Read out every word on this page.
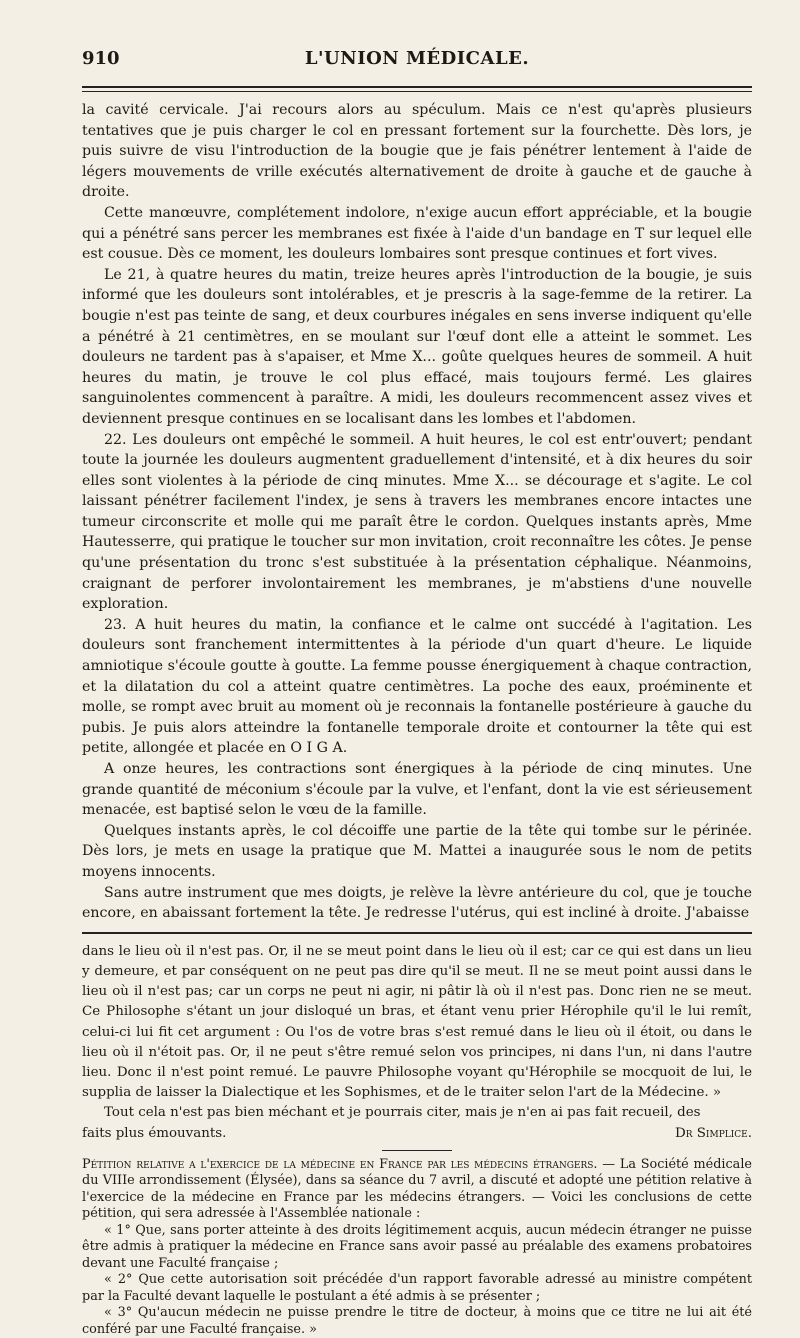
910	L'UNION MÉDICALE.

la cavité cervicale. J'ai recours alors au spéculum. Mais ce n'est qu'après plusieurs tentatives que je puis charger le col en pressant fortement sur la fourchette. Dès lors, je puis suivre de visu l'introduction de la bougie que je fais pénétrer lentement à l'aide de légers mouvements de vrille exécutés alternativement de droite à gauche et de gauche à droite.

Cette manœuvre, complétement indolore, n'exige aucun effort appréciable, et la bougie qui a pénétré sans percer les membranes est fixée à l'aide d'un bandage en T sur lequel elle est cousue. Dès ce moment, les douleurs lombaires sont presque continues et fort vives.

Le 21, à quatre heures du matin, treize heures après l'introduction de la bougie, je suis informé que les douleurs sont intolérables, et je prescris à la sage-femme de la retirer. La bougie n'est pas teinte de sang, et deux courbures inégales en sens inverse indiquent qu'elle a pénétré à 21 centimètres, en se moulant sur l'œuf dont elle a atteint le sommet. Les douleurs ne tardent pas à s'apaiser, et Mme X... goûte quelques heures de sommeil. A huit heures du matin, je trouve le col plus effacé, mais toujours fermé. Les glaires sanguinolentes commencent à paraître. A midi, les douleurs recommencent assez vives et deviennent presque continues en se localisant dans les lombes et l'abdomen.

22. Les douleurs ont empêché le sommeil. A huit heures, le col est entr'ouvert; pendant toute la journée les douleurs augmentent graduellement d'intensité, et à dix heures du soir elles sont violentes à la période de cinq minutes. Mme X... se décourage et s'agite. Le col laissant pénétrer facilement l'index, je sens à travers les membranes encore intactes une tumeur circonscrite et molle qui me paraît être le cordon. Quelques instants après, Mme Hautesserre, qui pratique le toucher sur mon invitation, croit reconnaître les côtes. Je pense qu'une présentation du tronc s'est substituée à la présentation céphalique. Néanmoins, craignant de perforer involontairement les membranes, je m'abstiens d'une nouvelle exploration.

23. A huit heures du matin, la confiance et le calme ont succédé à l'agitation. Les douleurs sont franchement intermittentes à la période d'un quart d'heure. Le liquide amniotique s'écoule goutte à goutte. La femme pousse énergiquement à chaque contraction, et la dilatation du col a atteint quatre centimètres. La poche des eaux, proéminente et molle, se rompt avec bruit au moment où je reconnais la fontanelle postérieure à gauche du pubis. Je puis alors atteindre la fontanelle temporale droite et contourner la tête qui est petite, allongée et placée en O I G A.

A onze heures, les contractions sont énergiques à la période de cinq minutes. Une grande quantité de méconium s'écoule par la vulve, et l'enfant, dont la vie est sérieusement menacée, est baptisé selon le vœu de la famille.

Quelques instants après, le col décoiffe une partie de la tête qui tombe sur le périnée. Dès lors, je mets en usage la pratique que M. Mattei a inaugurée sous le nom de petits moyens innocents.

Sans autre instrument que mes doigts, je relève la lèvre antérieure du col, que je touche encore, en abaissant fortement la tête. Je redresse l'utérus, qui est incliné à droite. J'abaisse

dans le lieu où il n'est pas. Or, il ne se meut point dans le lieu où il est; car ce qui est dans un lieu y demeure, et par conséquent on ne peut pas dire qu'il se meut. Il ne se meut point aussi dans le lieu où il n'est pas; car un corps ne peut ni agir, ni pâtir là où il n'est pas. Donc rien ne se meut. Ce Philosophe s'étant un jour disloqué un bras, et étant venu prier Hérophile qu'il le lui remît, celui-ci lui fit cet argument : Ou l'os de votre bras s'est remué dans le lieu où il étoit, ou dans le lieu où il n'étoit pas. Or, il ne peut s'être remué selon vos principes, ni dans l'un, ni dans l'autre lieu. Donc il n'est point remué. Le pauvre Philosophe voyant qu'Hérophile se mocquoit de lui, le supplia de laisser la Dialectique et les Sophismes, et de le traiter selon l'art de la Médecine. »

Tout cela n'est pas bien méchant et je pourrais citer, mais je n'en ai pas fait recueil, des

faits plus émouvants.	Dr Simplice.

Pétition relative a l'exercice de la médecine en France par les médecins étrangers. — La Société médicale du VIIIe arrondissement (Élysée), dans sa séance du 7 avril, a discuté et adopté une pétition relative à l'exercice de la médecine en France par les médecins étrangers. — Voici les conclusions de cette pétition, qui sera adressée à l'Assemblée nationale :

« 1° Que, sans porter atteinte à des droits légitimement acquis, aucun médecin étranger ne puisse être admis à pratiquer la médecine en France sans avoir passé au préalable des examens probatoires devant une Faculté française ;

« 2° Que cette autorisation soit précédée d'un rapport favorable adressé au ministre compétent par la Faculté devant laquelle le postulant a été admis à se présenter ;

« 3° Qu'aucun médecin ne puisse prendre le titre de docteur, à moins que ce titre ne lui ait été conféré par une Faculté française. »
